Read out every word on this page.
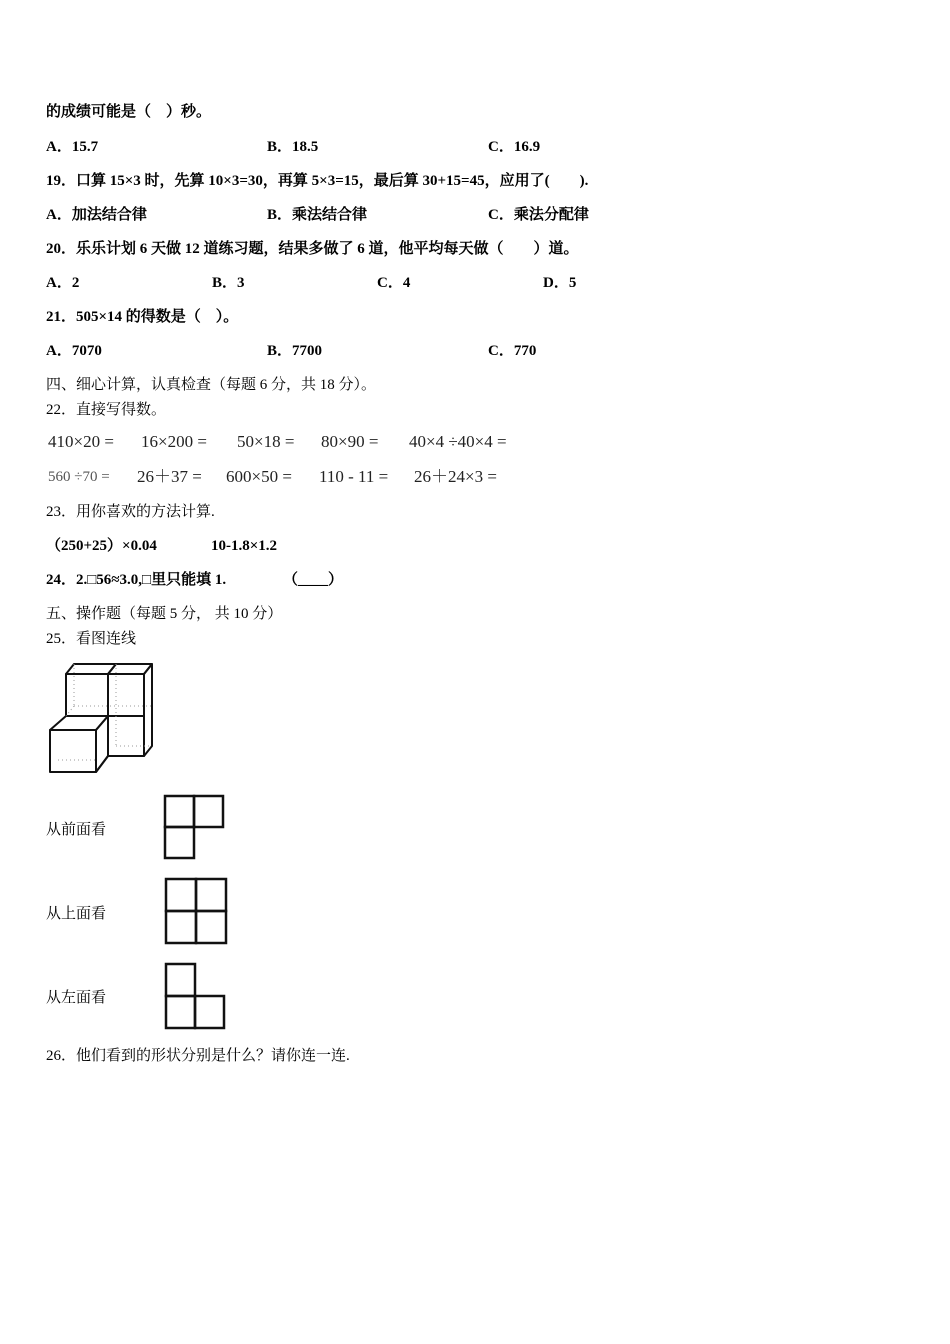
的成绩可能是（　）秒。
A．15.7	B．18.5	C．16.9
19．口算 15×3 时，先算 10×3=30，再算 5×3=15，最后算 30+15=45，应用了(　　).
A．加法结合律	B．乘法结合律	C．乘法分配律
20．乐乐计划 6 天做 12 道练习题，结果多做了 6 道，他平均每天做（　　）道。
A．2	B．3	C．4	D．5
21．505×14 的得数是（　）。
A．7070	B．7700	C．770
四、细心计算，认真检查（每题 6 分，共 18 分）。
22．直接写得数。
410×20 = 16×200 = 50×18 = 80×90 = 40×4 ÷40×4 =
560 ÷70 = 26＋37 = 600×50 = 110 - 11 = 26＋24×3 =
23．用你喜欢的方法计算.
（250+25）×0.04	10-1.8×1.2
24．2.□56≈3.0,□里只能填 1.	（____）
五、操作题（每题 5 分， 共 10 分）
25．看图连线
从前面看
从上面看
从左面看
26．他们看到的形状分别是什么？请你连一连.
